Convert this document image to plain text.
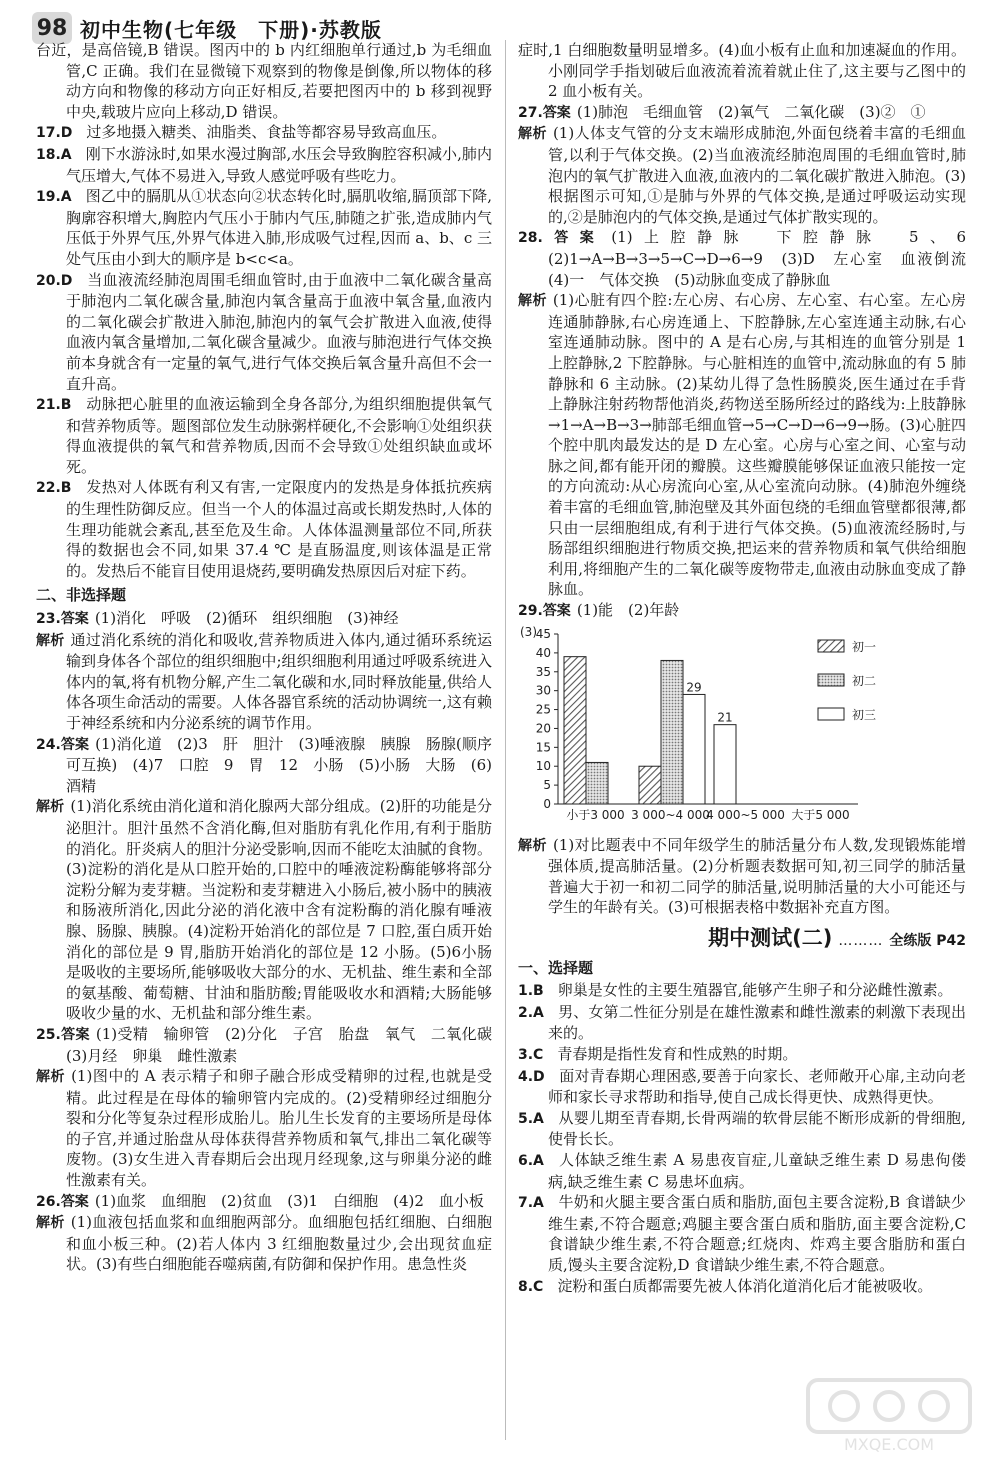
98 初中生物(七年级　下册)·苏教版

台近，是高倍镜,B 错误。图丙中的 b 内红细胞单行通过,b 为毛细血管,C 正确。我们在显微镜下观察到的物像是倒像,所以物体的移动方向和物像的移动方向正好相反,若要把图丙中的 b 移到视野中央,载玻片应向上移动,D 错误。

17.D　过多地摄入糖类、油脂类、食盐等都容易导致高血压。

18.A　刚下水游泳时,如果水漫过胸部,水压会导致胸腔容积减小,肺内气压增大,气体不易进入,导致人感觉呼吸有些吃力。

19.A　图乙中的膈肌从①状态向②状态转化时,膈肌收缩,膈顶部下降,胸廓容积增大,胸腔内气压小于肺内气压,肺随之扩张,造成肺内气压低于外界气压,外界气体进入肺,形成吸气过程,因而 a、b、c 三处气压由小到大的顺序是 b<c<a。

20.D　当血液流经肺泡周围毛细血管时,由于血液中二氧化碳含量高于肺泡内二氧化碳含量,肺泡内氧含量高于血液中氧含量,血液内的二氧化碳会扩散进入肺泡,肺泡内的氧气会扩散进入血液,使得血液内氧含量增加,二氧化碳含量减少。血液与肺泡进行气体交换前本身就含有一定量的氧气,进行气体交换后氧含量升高但不会一直升高。

21.B　动脉把心脏里的血液运输到全身各部分,为组织细胞提供氧气和营养物质等。题图部位发生动脉粥样硬化,不会影响①处组织获得血液提供的氧气和营养物质,因而不会导致①处组织缺血或坏死。

22.B　发热对人体既有利又有害,一定限度内的发热是身体抵抗疾病的生理性防御反应。但当一个人的体温过高或长期发热时,人体的生理功能就会紊乱,甚至危及生命。人体体温测量部位不同,所获得的数据也会不同,如果 37.4 ℃ 是直肠温度,则该体温是正常的。发热后不能盲目使用退烧药,要明确发热原因后对症下药。

二、非选择题

23.答案 (1)消化　呼吸　(2)循环　组织细胞　(3)神经

解析 通过消化系统的消化和吸收,营养物质进入体内,通过循环系统运输到身体各个部位的组织细胞中;组织细胞利用通过呼吸系统进入体内的氧,将有机物分解,产生二氧化碳和水,同时释放能量,供给人体各项生命活动的需要。人体各器官系统的活动协调统一,这有赖于神经系统和内分泌系统的调节作用。

24.答案 (1)消化道　(2)3　肝　胆汁　(3)唾液腺　胰腺　肠腺(顺序可互换)　(4)7　口腔　9　胃　12　小肠　(5)小肠　大肠　(6)酒精

解析 (1)消化系统由消化道和消化腺两大部分组成。(2)肝的功能是分泌胆汁。胆汁虽然不含消化酶,但对脂肪有乳化作用,有利于脂肪的消化。肝炎病人的胆汁分泌受影响,因而不能吃太油腻的食物。(3)淀粉的消化是从口腔开始的,口腔中的唾液淀粉酶能够将部分淀粉分解为麦芽糖。当淀粉和麦芽糖进入小肠后,被小肠中的胰液和肠液所消化,因此分泌的消化液中含有淀粉酶的消化腺有唾液腺、肠腺、胰腺。(4)淀粉开始消化的部位是 7 口腔,蛋白质开始消化的部位是 9 胃,脂肪开始消化的部位是 12 小肠。(5)6小肠是吸收的主要场所,能够吸收大部分的水、无机盐、维生素和全部的氨基酸、葡萄糖、甘油和脂肪酸;胃能吸收水和酒精;大肠能够吸收少量的水、无机盐和部分维生素。

25.答案 (1)受精　输卵管　(2)分化　子宫　胎盘　氧气　二氧化碳　(3)月经　卵巢　雌性激素

解析 (1)图中的 A 表示精子和卵子融合形成受精卵的过程,也就是受精。此过程是在母体的输卵管内完成的。(2)受精卵经过细胞分裂和分化等复杂过程形成胎儿。胎儿生长发育的主要场所是母体的子宫,并通过胎盘从母体获得营养物质和氧气,排出二氧化碳等废物。(3)女生进入青春期后会出现月经现象,这与卵巢分泌的雌性激素有关。

26.答案 (1)血浆　血细胞　(2)贫血　(3)1　白细胞　(4)2　血小板

解析 (1)血液包括血浆和血细胞两部分。血细胞包括红细胞、白细胞和血小板三种。(2)若人体内 3 红细胞数量过少,会出现贫血症状。(3)有些白细胞能吞噬病菌,有防御和保护作用。患急性炎

症时,1 白细胞数量明显增多。(4)血小板有止血和加速凝血的作用。小刚同学手指划破后血液流着流着就止住了,这主要与乙图中的 2 血小板有关。

27.答案 (1)肺泡　毛细血管　(2)氧气　二氧化碳　(3)②　①

解析 (1)人体支气管的分支末端形成肺泡,外面包绕着丰富的毛细血管,以利于气体交换。(2)当血液流经肺泡周围的毛细血管时,肺泡内的氧气扩散进入血液,血液内的二氧化碳扩散进入肺泡。(3)根据图示可知,①是肺与外界的气体交换,是通过呼吸运动实现的,②是肺泡内的气体交换,是通过气体扩散实现的。

28.答案 (1)上腔静脉　下腔静脉　5、6　(2)1→A→B→3→5→C→D→6→9　(3)D　左心室　血液倒流　(4)一　气体交换　(5)动脉血变成了静脉血

解析 (1)心脏有四个腔:左心房、右心房、左心室、右心室。左心房连通肺静脉,右心房连通上、下腔静脉,左心室连通主动脉,右心室连通肺动脉。图中的 A 是右心房,与其相连的血管分别是 1 上腔静脉,2 下腔静脉。与心脏相连的血管中,流动脉血的有 5 肺静脉和 6 主动脉。(2)某幼儿得了急性肠膜炎,医生通过在手背上静脉注射药物帮他消炎,药物送至肠所经过的路线为:上肢静脉→1→A→B→3→肺部毛细血管→5→C→D→6→9→肠。(3)心脏四个腔中肌肉最发达的是 D 左心室。心房与心室之间、心室与动脉之间,都有能开闭的瓣膜。这些瓣膜能够保证血液只能按一定的方向流动:从心房流向心室,从心室流向动脉。(4)肺泡外缠绕着丰富的毛细血管,肺泡壁及其外面包绕的毛细血管壁都很薄,都只由一层细胞组成,有利于进行气体交换。(5)血液流经肠时,与肠部组织细胞进行物质交换,把运来的营养物质和氧气供给细胞利用,将细胞产生的二氧化碳等废物带走,血液由动脉血变成了静脉血。

29.答案 (1)能　(2)年龄

(3)
0
5
10
15
20
25
30
35
40
45
小于3 000 3 000~4 000
4 000~5 000 大于5 000
29
21
初一
初二
初三

解析 (1)对比题表中不同年级学生的肺活量分布人数,发现锻炼能增强体质,提高肺活量。(2)分析题表数据可知,初三同学的肺活量普遍大于初一和初二同学的肺活量,说明肺活量的大小可能还与学生的年龄有关。(3)可根据表格中数据补充直方图。

期中测试(二) ……… 全练版 P42
一、选择题

1.B　卵巢是女性的主要生殖器官,能够产生卵子和分泌雌性激素。

2.A　男、女第二性征分别是在雄性激素和雌性激素的刺激下表现出来的。

3.C　青春期是指性发育和性成熟的时期。

4.D　面对青春期心理困惑,要善于向家长、老师敞开心扉,主动向老师和家长寻求帮助和指导,使自己成长得更快、成熟得更快。

5.A　从婴儿期至青春期,长骨两端的软骨层能不断形成新的骨细胞,使骨长长。

6.A　人体缺乏维生素 A 易患夜盲症,儿童缺乏维生素 D 易患佝偻病,缺乏维生素 C 易患坏血病。

7.A　牛奶和火腿主要含蛋白质和脂肪,面包主要含淀粉,B 食谱缺少维生素,不符合题意;鸡腿主要含蛋白质和脂肪,面主要含淀粉,C 食谱缺少维生素,不符合题意;红烧肉、炸鸡主要含脂肪和蛋白质,馒头主要含淀粉,D 食谱缺少维生素,不符合题意。

8.C　淀粉和蛋白质都需要先被人体消化道消化后才能被吸收。

MXQE.COM
